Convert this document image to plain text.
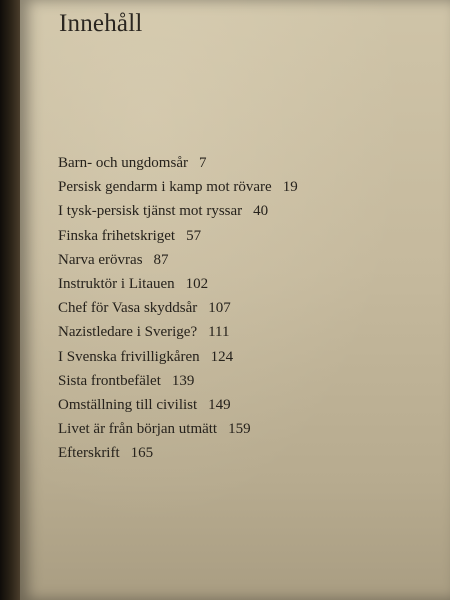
Innehåll
Barn- och ungdomsår 7
Persisk gendarm i kamp mot rövare 19
I tysk-persisk tjänst mot ryssar 40
Finska frihetskriget 57
Narva erövras 87
Instruktör i Litauen 102
Chef för Vasa skyddsår 107
Nazistledare i Sverige? 111
I Svenska frivilligkåren 124
Sista frontbefälet 139
Omställning till civilist 149
Livet är från början utmätt 159
Efterskrift 165
